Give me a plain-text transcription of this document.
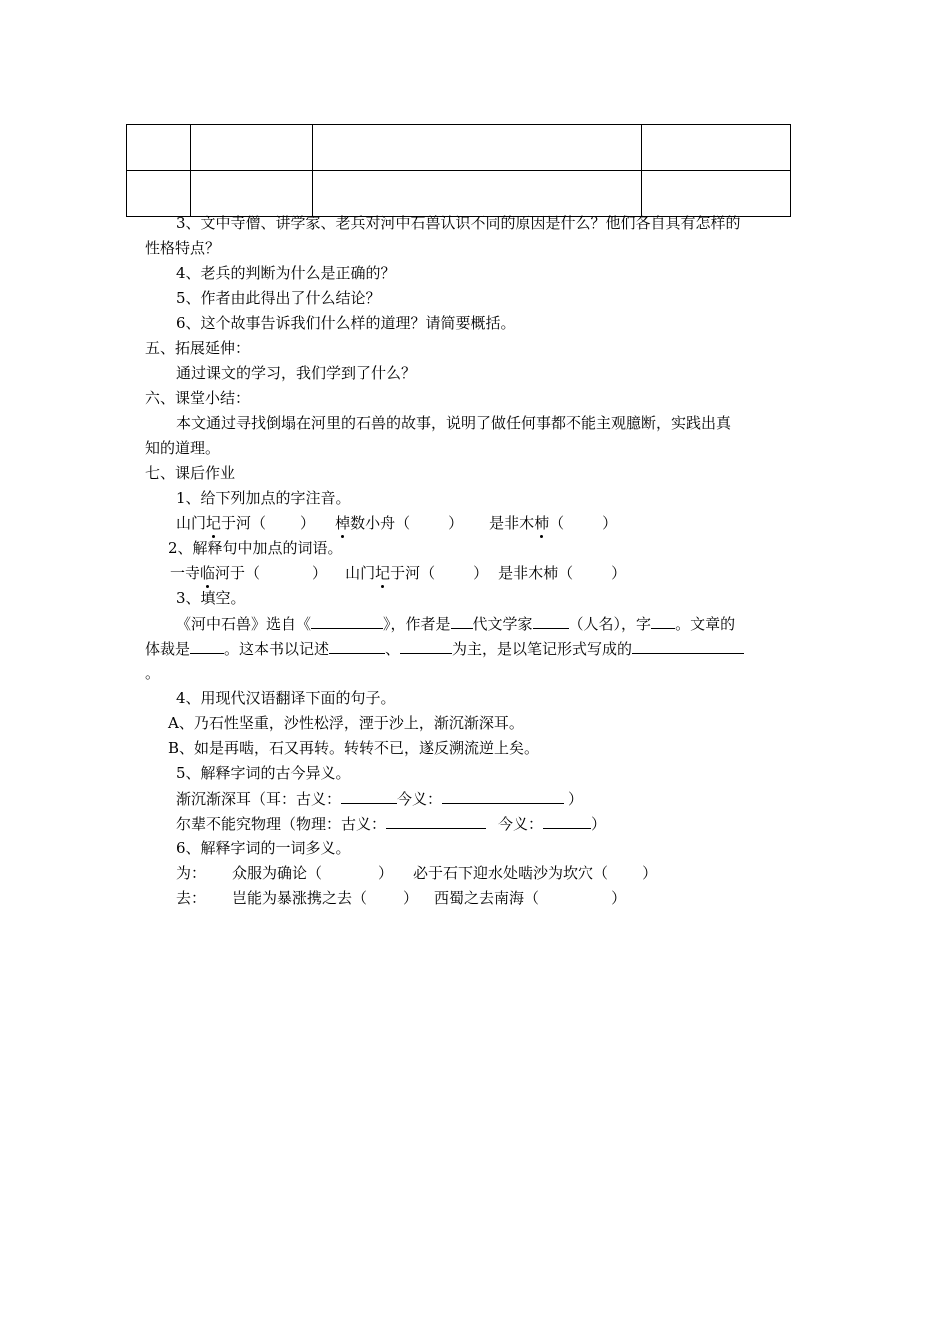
3、文中寺僧、讲学家、老兵对河中石兽认识不同的原因是什么？他们各自具有怎样的
性格特点？
4、老兵的判断为什么是正确的？
5、作者由此得出了什么结论？
6、这个故事告诉我们什么样的道理？请简要概括。
五、拓展延伸：
通过课文的学习，我们学到了什么？
六、课堂小结：
本文通过寻找倒塌在河里的石兽的故事，说明了做任何事都不能主观臆断，实践出真
知的道理。
七、课后作业
1、给下列加点的字注音。
山门圮于河（ ） 棹数小舟（	） 是非木杮（	）
2、解释句中加点的词语。
一寺临河于（	） 山门圮于河（	） 是非木杮（	）
3、填空。
《河中石兽》选自《	》，作者是 代文学家 （人名），字 。文章的
体裁是 。这本书以记述	、	为主，是以笔记形式写成的
。
4、用现代汉语翻译下面的句子。
A、乃石性坚重，沙性松浮，湮于沙上，渐沉渐深耳。
B、如是再啮，石又再转。转转不已，遂反溯流逆上矣。
5、解释字词的古今异义。
渐沉渐深耳（耳：古义：	今义：	）
尔辈不能究物理（物理：古义：	今义：	）
6、解释字词的一词多义。
为： 众服为确论（	） 必于石下迎水处啮沙为坎穴（ ）
去： 岂能为暴涨携之去（ ） 西蜀之去南海（	）
